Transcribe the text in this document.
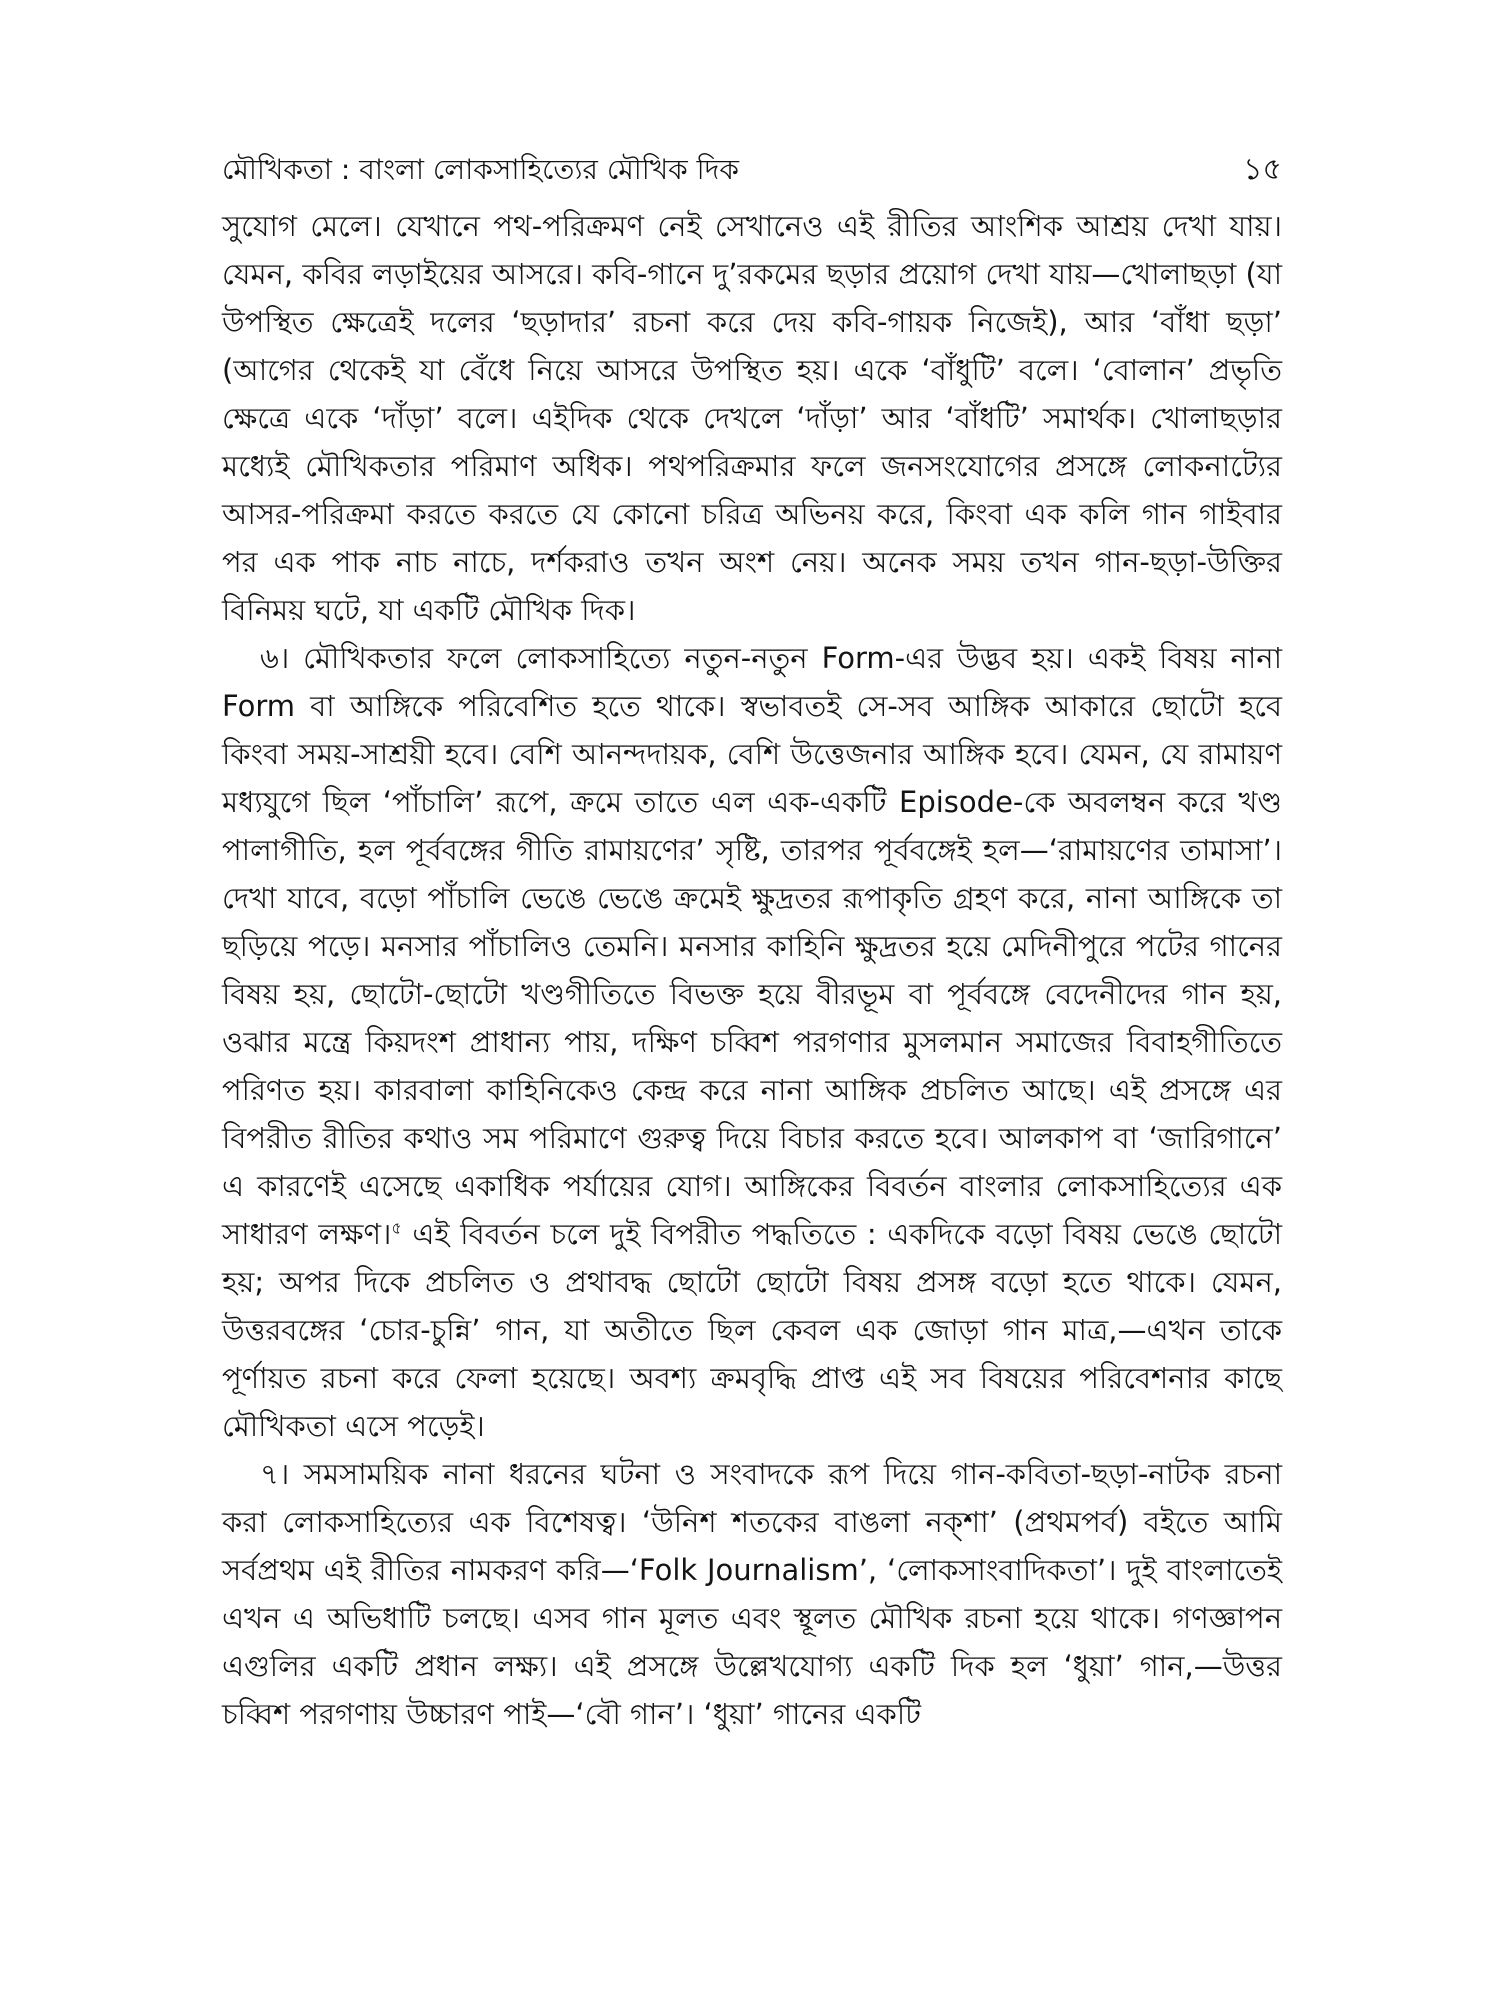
মৌখিকতা : বাংলা লোকসাহিত্যের মৌখিক দিক	১৫

সুযোগ মেলে। যেখানে পথ-পরিক্রমণ নেই সেখানেও এই রীতির আংশিক আশ্রয় দেখা যায়। যেমন, কবির লড়াইয়ের আসরে। কবি-গানে দু’রকমের ছড়ার প্রয়োগ দেখা যায়—খোলাছড়া (যা উপস্থিত ক্ষেত্রেই দলের ‘ছড়াদার’ রচনা করে দেয় কবি-গায়ক নিজেই), আর ‘বাঁধা ছড়া’ (আগের থেকেই যা বেঁধে নিয়ে আসরে উপস্থিত হয়। একে ‘বাঁধুটি’ বলে। ‘বোলান’ প্রভৃতি ক্ষেত্রে একে ‘দাঁড়া’ বলে। এইদিক থেকে দেখলে ‘দাঁড়া’ আর ‘বাঁধটি’ সমার্থক। খোলাছড়ার মধ্যেই মৌখিকতার পরিমাণ অধিক। পথপরিক্রমার ফলে জনসংযোগের প্রসঙ্গে লোকনাট্যের আসর-পরিক্রমা করতে করতে যে কোনো চরিত্র অভিনয় করে, কিংবা এক কলি গান গাইবার পর এক পাক নাচ নাচে, দর্শকরাও তখন অংশ নেয়। অনেক সময় তখন গান-ছড়া-উক্তির বিনিময় ঘটে, যা একটি মৌখিক দিক।

৬। মৌখিকতার ফলে লোকসাহিত্যে নতুন-নতুন Form-এর উদ্ভব হয়। একই বিষয় নানা Form বা আঙ্গিকে পরিবেশিত হতে থাকে। স্বভাবতই সে-সব আঙ্গিক আকারে ছোটো হবে কিংবা সময়-সাশ্রয়ী হবে। বেশি আনন্দদায়ক, বেশি উত্তেজনার আঙ্গিক হবে। যেমন, যে রামায়ণ মধ্যযুগে ছিল ‘পাঁচালি’ রূপে, ক্রমে তাতে এল এক-একটি Episode-কে অবলম্বন করে খণ্ড পালাগীতি, হল পূর্ববঙ্গের গীতি রামায়ণের’ সৃষ্টি, তারপর পূর্ববঙ্গেই হল—‘রামায়ণের তামাসা’। দেখা যাবে, বড়ো পাঁচালি ভেঙে ভেঙে ক্রমেই ক্ষুদ্রতর রূপাকৃতি গ্রহণ করে, নানা আঙ্গিকে তা ছড়িয়ে পড়ে। মনসার পাঁচালিও তেমনি। মনসার কাহিনি ক্ষুদ্রতর হয়ে মেদিনীপুরে পটের গানের বিষয় হয়, ছোটো-ছোটো খণ্ডগীতিতে বিভক্ত হয়ে বীরভূম বা পূর্ববঙ্গে বেদেনীদের গান হয়, ওঝার মন্ত্রে কিয়দংশ প্রাধান্য পায়, দক্ষিণ চব্বিশ পরগণার মুসলমান সমাজের বিবাহগীতিতে পরিণত হয়। কারবালা কাহিনিকেও কেন্দ্র করে নানা আঙ্গিক প্রচলিত আছে। এই প্রসঙ্গে এর বিপরীত রীতির কথাও সম পরিমাণে গুরুত্ব দিয়ে বিচার করতে হবে। আলকাপ বা ‘জারিগানে’ এ কারণেই এসেছে একাধিক পর্যায়ের যোগ। আঙ্গিকের বিবর্তন বাংলার লোকসাহিত্যের এক সাধারণ লক্ষণ।$^৫$ এই বিবর্তন চলে দুই বিপরীত পদ্ধতিতে : একদিকে বড়ো বিষয় ভেঙে ছোটো হয়; অপর দিকে প্রচলিত ও প্রথাবদ্ধ ছোটো ছোটো বিষয় প্রসঙ্গ বড়ো হতে থাকে। যেমন, উত্তরবঙ্গের ‘চোর-চুন্নি’ গান, যা অতীতে ছিল কেবল এক জোড়া গান মাত্র,—এখন তাকে পূর্ণায়ত রচনা করে ফেলা হয়েছে। অবশ্য ক্রমবৃদ্ধি প্রাপ্ত এই সব বিষয়ের পরিবেশনার কাছে মৌখিকতা এসে পড়েই।

৭। সমসাময়িক নানা ধরনের ঘটনা ও সংবাদকে রূপ দিয়ে গান-কবিতা-ছড়া-নাটক রচনা করা লোকসাহিত্যের এক বিশেষত্ব। ‘উনিশ শতকের বাঙলা নক্‌শা’ (প্রথমপর্ব) বইতে আমি সর্বপ্রথম এই রীতির নামকরণ করি—‘Folk Journalism’, ‘লোকসাংবাদিকতা’। দুই বাংলাতেই এখন এ অভিধাটি চলছে। এসব গান মূলত এবং স্থূলত মৌখিক রচনা হয়ে থাকে। গণজ্ঞাপন এগুলির একটি প্রধান লক্ষ্য। এই প্রসঙ্গে উল্লেখযোগ্য একটি দিক হল ‘ধুয়া’ গান,—উত্তর চব্বিশ পরগণায় উচ্চারণ পাই—‘বৌ গান’। ‘ধুয়া’ গানের একটি
